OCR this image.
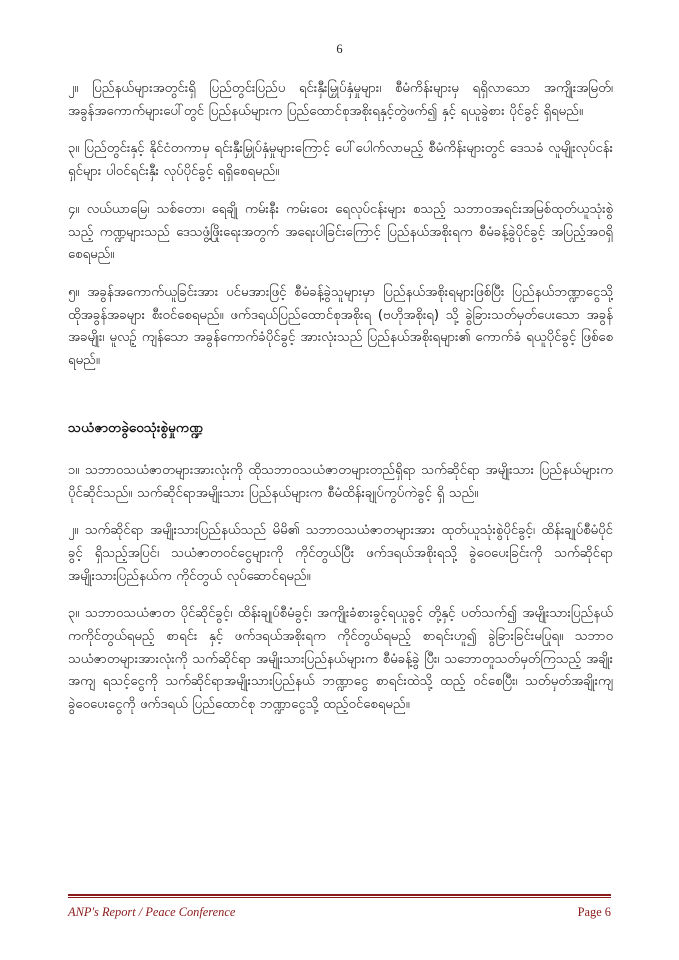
6

၂။ ပြည်နယ်များအတွင်းရှိ ပြည်တွင်းပြည်ပ ရင်းနှီးမြှုပ်နှံမှုများ၊ စီမံကိန်းများမှ ရရှိလာသော အကျိုးအမြတ်၊ အခွန်အကောက်များပေါ်တွင် ပြည်နယ်များက ပြည်ထောင်စုအစိုးရနှင့်တွဲဖက်၍ နှင့် ရယူခွဲစား ပိုင်ခွင့် ရှိရမည်။

၃။ ပြည်တွင်းနှင့် နိုင်ငံတကာမှ ရင်းနှီးမြှုပ်နှံမှုများကြောင့် ပေါ်ပေါက်လာမည့် စီမံကိန်းများတွင် ဒေသခံ လူမျိုးလုပ်ငန်းရှင်များ ပါဝင်ရင်းနှီး လုပ်ပိုင်ခွင့် ရရှိစေရမည်။

၄။ လယ်ယာမြေ၊ သစ်တော၊ ရေချို ကမ်းနီး ကမ်းဝေး ရေလုပ်ငန်းများ စသည့် သဘာဝအရင်းအမြစ်ထုတ်ယူသုံးစွဲသည့် ကဏ္ဍများသည် ဒေသဖွံ့ဖြိုးရေးအတွက် အရေးပါခြင်းကြောင့် ပြည်နယ်အစိုးရက စီမံခန့်ခွဲပိုင်ခွင့် အပြည့်အဝရှိစေရမည်။

၅။ အခွန်အကောက်ယူခြင်းအား ပင်မအားဖြင့် စီမံခန့်ခွဲသူများမှာ ပြည်နယ်အစိုးရများဖြစ်ပြီး ပြည်နယ်ဘဏ္ဍာငွေသို့ ထိုအခွန်အခများ စီးဝင်စေရမည်။ ဖက်ဒရယ်ပြည်ထောင်စုအစိုးရ (ဗဟိုအစိုးရ) သို့ ခွဲခြားသတ်မှတ်ပေးသော အခွန်အခမျိုး၊ မူလဉ့် ကျန်သော အခွန်ကောက်ခံပိုင်ခွင့် အားလုံးသည် ပြည်နယ်အစိုးရများ၏ ကောက်ခံ ရယူပိုင်ခွင့် ဖြစ်စေရမည်။

သယံဇာတခွဲဝေသုံးစွဲမှုကဏ္ဍ

၁။ သဘာဝသယံဇာတများအားလုံးကို ထိုသဘာဝသယံဇာတများတည်ရှိရာ သက်ဆိုင်ရာ အမျိုးသား ပြည်နယ်များက ပိုင်ဆိုင်သည်။ သက်ဆိုင်ရာအမျိုးသား ပြည်နယ်များက စီမံထိန်းချုပ်ကွပ်ကဲခွင့် ရှိ သည်။

၂။ သက်ဆိုင်ရာ အမျိုးသားပြည်နယ်သည် မိမိ၏ သဘာဝသယံဇာတများအား ထုတ်ယူသုံးစွဲပိုင်ခွင့်၊ ထိန်းချုပ်စီမံပိုင်ခွင့် ရှိသည့်အပြင်၊ သယံဇာတဝင်ငွေများကို ကိုင်တွယ်ပြီး ဖက်ဒရယ်အစိုးရသို့ ခွဲဝေပေးခြင်းကို သက်ဆိုင်ရာအမျိုးသားပြည်နယ်က ကိုင်တွယ် လုပ်ဆောင်ရမည်။

၃။ သဘာဝသယံဇာတ ပိုင်ဆိုင်ခွင့်၊ ထိန်းချုပ်စီမံခွင့်၊ အကျိုးခံစားခွင့်ရယူခွင့် တို့နှင့် ပတ်သက်၍ အမျိုးသားပြည်နယ်ကကိုင်တွယ်ရမည့် စာရင်း နှင့် ဖက်ဒရယ်အစိုးရက ကိုင်တွယ်ရမည့် စာရင်းဟူ၍ ခွဲခြားခြင်းမပြုရ။ သဘာဝသယံဇာတများအားလုံးကို သက်ဆိုင်ရာ အမျိုးသားပြည်နယ်များက စီမံခန့်ခွဲ ပြီး၊ သဘောတူသတ်မှတ်ကြသည့် အချိုးအကျ ရသင့်ငွေကို သက်ဆိုင်ရာအမျိုးသားပြည်နယ် ဘဏ္ဍာငွေ စာရင်းထဲသို့ ထည့် ဝင်စေပြီး၊ သတ်မှတ်အချိုးကျခွဲဝေပေးငွေကို ဖက်ဒရယ် ပြည်ထောင်စု ဘဏ္ဍာငွေသို့ ထည့်ဝင်စေရမည်။

ANP's Report / Peace Conference	Page 6
